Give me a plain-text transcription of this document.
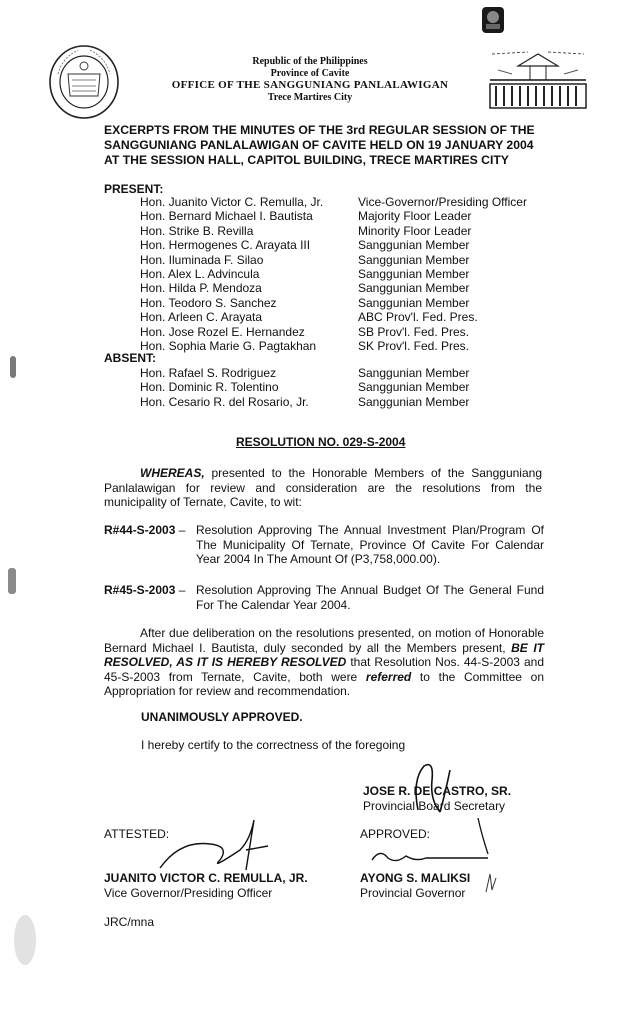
Republic of the Philippines
Province of Cavite
OFFICE OF THE SANGGUNIANG PANLALAWIGAN
Trece Martires City
EXCERPTS FROM THE MINUTES OF THE 3rd REGULAR SESSION OF THE SANGGUNIANG PANLALAWIGAN OF CAVITE HELD ON 19 JANUARY 2004 AT THE SESSION HALL, CAPITOL BUILDING, TRECE MARTIRES CITY
PRESENT:
Hon. Juanito Victor C. Remulla, Jr.	Vice-Governor/Presiding Officer
Hon. Bernard Michael I. Bautista	Majority Floor Leader
Hon. Strike B. Revilla	Minority Floor Leader
Hon. Hermogenes C. Arayata III	Sanggunian Member
Hon. Iluminada F. Silao	Sanggunian Member
Hon. Alex L. Advincula	Sanggunian Member
Hon. Hilda P. Mendoza	Sanggunian Member
Hon. Teodoro S. Sanchez	Sanggunian Member
Hon. Arleen C. Arayata	ABC Prov'l. Fed. Pres.
Hon. Jose Rozel E. Hernandez	SB Prov'l. Fed. Pres.
Hon. Sophia Marie G. Pagtakhan	SK Prov'l. Fed. Pres.
ABSENT:
Hon. Rafael S. Rodriguez	Sanggunian Member
Hon. Dominic R. Tolentino	Sanggunian Member
Hon. Cesario R. del Rosario, Jr.	Sanggunian Member
RESOLUTION NO. 029-S-2004
WHEREAS, presented to the Honorable Members of the Sangguniang Panlalawigan for review and consideration are the resolutions from the municipality of Ternate, Cavite, to wit:
R#44-S-2003 – Resolution Approving The Annual Investment Plan/Program Of The Municipality Of Ternate, Province Of Cavite For Calendar Year 2004 In The Amount Of (P3,758,000.00).
R#45-S-2003 – Resolution Approving The Annual Budget Of The General Fund For The Calendar Year 2004.
After due deliberation on the resolutions presented, on motion of Honorable Bernard Michael I. Bautista, duly seconded by all the Members present, BE IT RESOLVED, AS IT IS HEREBY RESOLVED that Resolution Nos. 44-S-2003 and 45-S-2003 from Ternate, Cavite, both were referred to the Committee on Appropriation for review and recommendation.
UNANIMOUSLY APPROVED.
I hereby certify to the correctness of the foregoing
JOSE R. DE CASTRO, SR.
Provincial Board Secretary
ATTESTED:	APPROVED:
JUANITO VICTOR C. REMULLA, JR.
Vice Governor/Presiding Officer
AYONG S. MALIKSI
Provincial Governor
JRC/mna
